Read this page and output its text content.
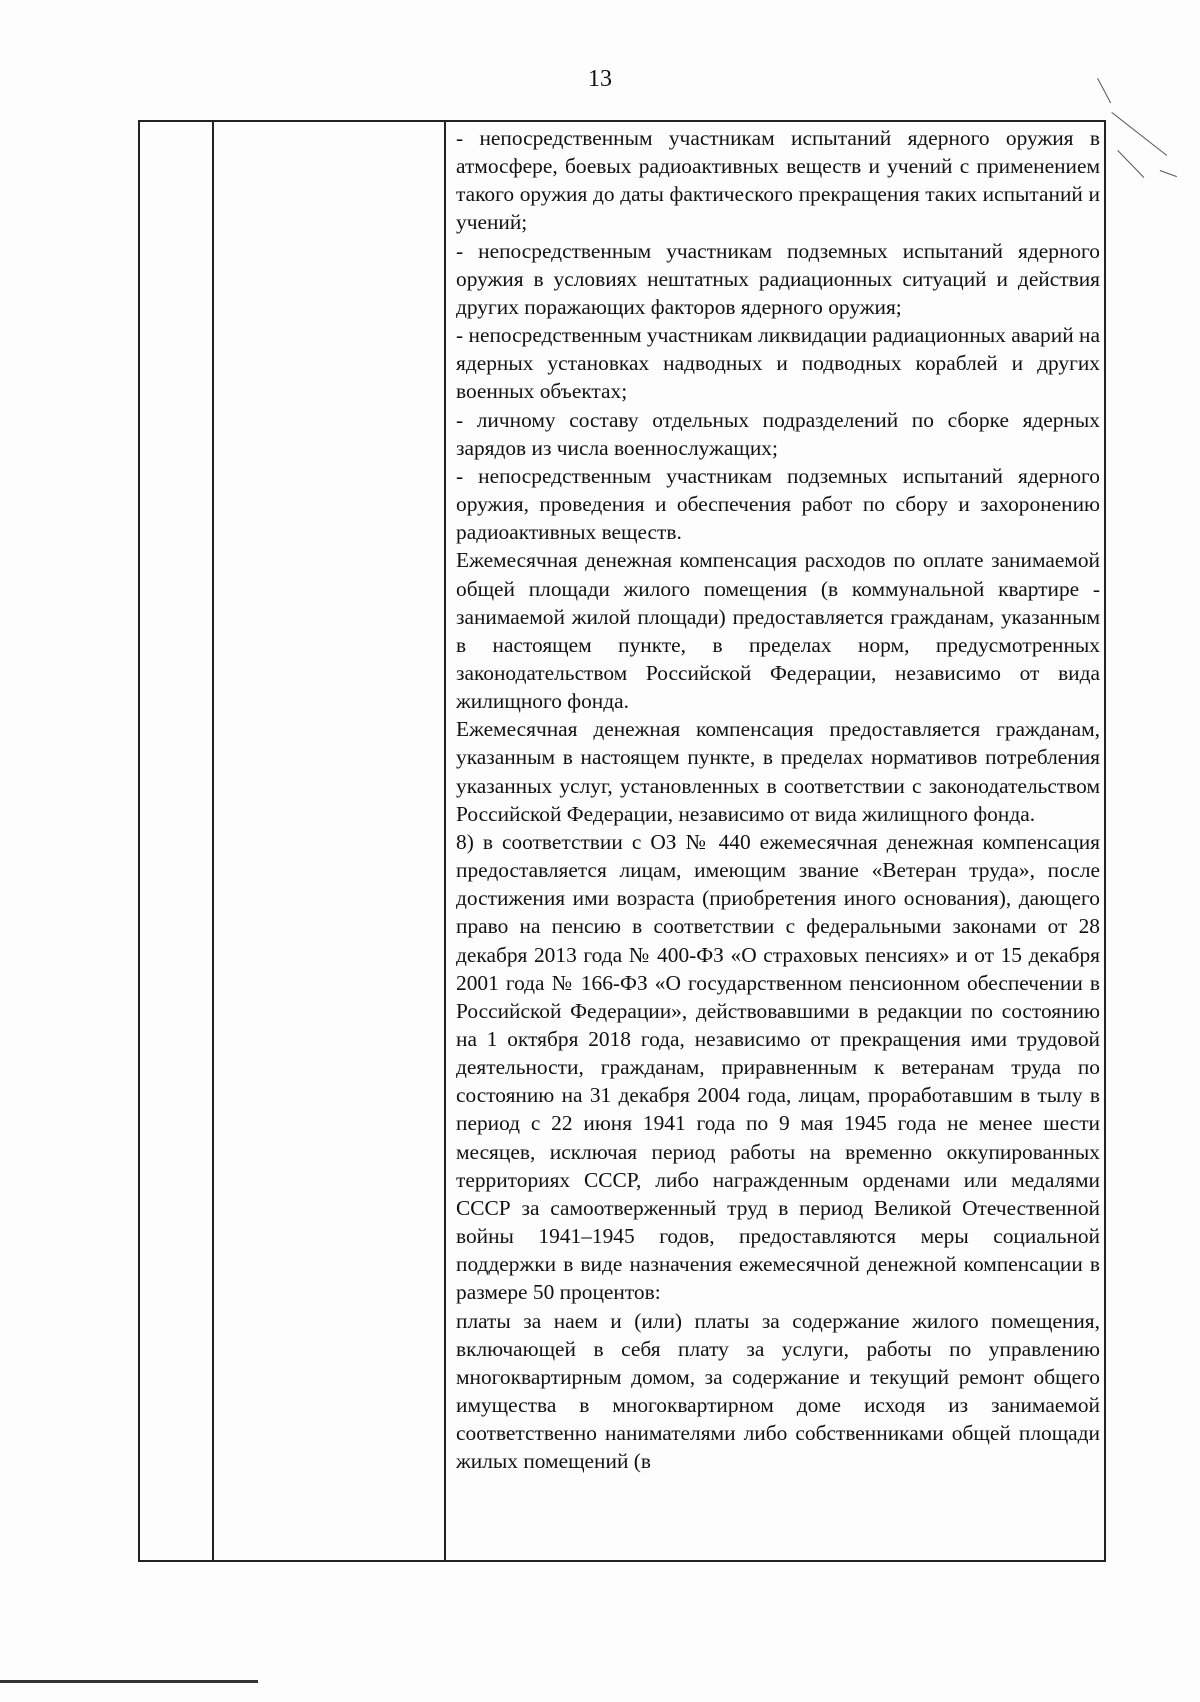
13

- непосредственным участникам испытаний ядерного оружия в атмосфере, боевых радиоактивных веществ и учений с применением такого оружия до даты фактического прекращения таких испытаний и учений;

- непосредственным участникам подземных испытаний ядерного оружия в условиях нештатных радиационных ситуаций и действия других поражающих факторов ядерного оружия;

- непосредственным участникам ликвидации радиационных аварий на ядерных установках надводных и подводных кораблей и других военных объектах;

- личному составу отдельных подразделений по сборке ядерных зарядов из числа военнослужащих;

- непосредственным участникам подземных испытаний ядерного оружия, проведения и обеспечения работ по сбору и захоронению радиоактивных веществ.

Ежемесячная денежная компенсация расходов по оплате занимаемой общей площади жилого помещения (в коммунальной квартире - занимаемой жилой площади) предоставляется гражданам, указанным в настоящем пункте, в пределах норм, предусмотренных законодательством Российской Федерации, независимо от вида жилищного фонда.

Ежемесячная денежная компенсация предоставляется гражданам, указанным в настоящем пункте, в пределах нормативов потребления указанных услуг, установленных в соответствии с законодательством Российской Федерации, независимо от вида жилищного фонда.

8) в соответствии с ОЗ № 440 ежемесячная денежная компенсация предоставляется лицам, имеющим звание «Ветеран труда», после достижения ими возраста (приобретения иного основания), дающего право на пенсию в соответствии с федеральными законами от 28 декабря 2013 года № 400-ФЗ «О страховых пенсиях» и от 15 декабря 2001 года № 166-ФЗ «О государственном пенсионном обеспечении в Российской Федерации», действовавшими в редакции по состоянию на 1 октября 2018 года, независимо от прекращения ими трудовой деятельности, гражданам, приравненным к ветеранам труда по состоянию на 31 декабря 2004 года, лицам, проработавшим в тылу в период с 22 июня 1941 года по 9 мая 1945 года не менее шести месяцев, исключая период работы на временно оккупированных территориях СССР, либо награжденным орденами или медалями СССР за самоотверженный труд в период Великой Отечественной войны 1941–1945 годов, предоставляются меры социальной поддержки в виде назначения ежемесячной денежной компенсации в размере 50 процентов:

платы за наем и (или) платы за содержание жилого помещения, включающей в себя плату за услуги, работы по управлению многоквартирным домом, за содержание и текущий ремонт общего имущества в многоквартирном доме исходя из занимаемой соответственно нанимателями либо собственниками общей площади жилых помещений (в
